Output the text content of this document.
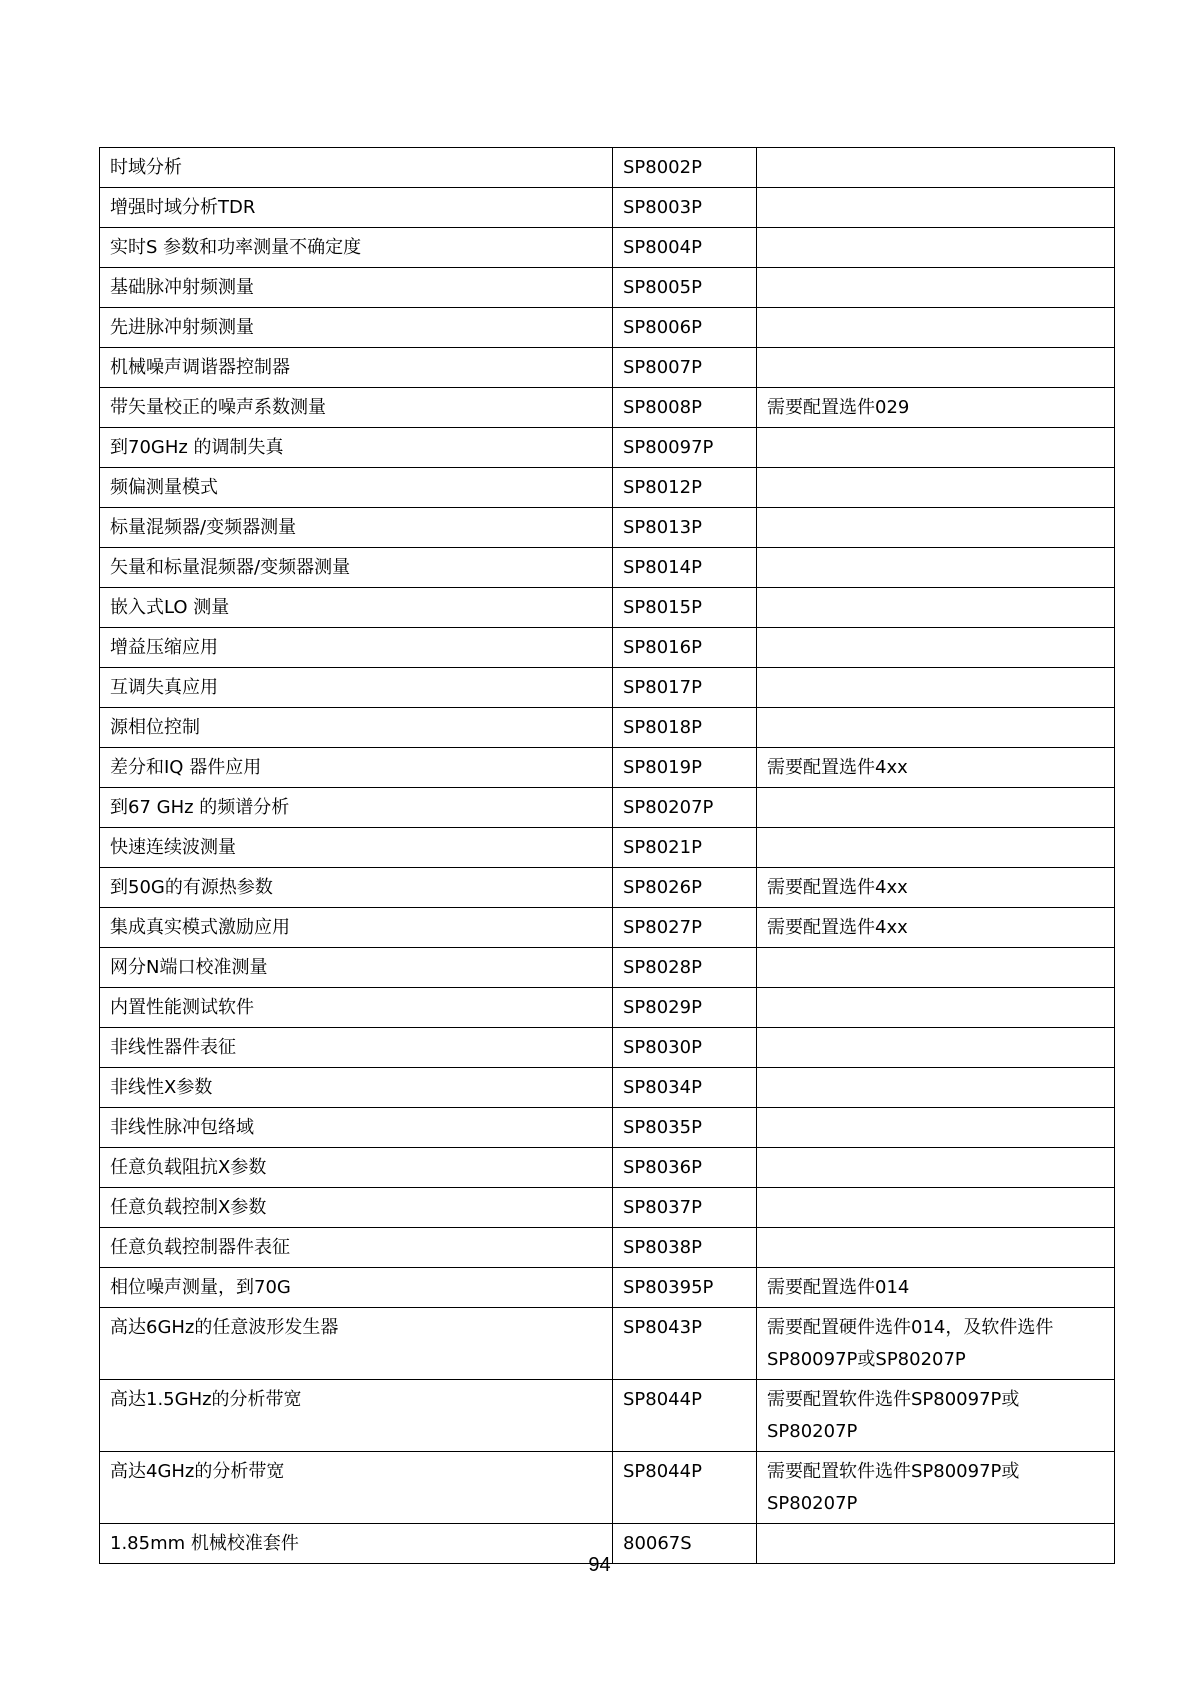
时域分析	SP8002P	
增强时域分析TDR	SP8003P	
实时S 参数和功率测量不确定度	SP8004P	
基础脉冲射频测量	SP8005P	
先进脉冲射频测量	SP8006P	
机械噪声调谐器控制器	SP8007P	
带矢量校正的噪声系数测量	SP8008P	需要配置选件029
到70GHz 的调制失真	SP80097P	
频偏测量模式	SP8012P	
标量混频器/变频器测量	SP8013P	
矢量和标量混频器/变频器测量	SP8014P	
嵌入式LO 测量	SP8015P	
增益压缩应用	SP8016P	
互调失真应用	SP8017P	
源相位控制	SP8018P	
差分和IQ 器件应用	SP8019P	需要配置选件4xx
到67 GHz 的频谱分析	SP80207P	
快速连续波测量	SP8021P	
到50G的有源热参数	SP8026P	需要配置选件4xx
集成真实模式激励应用	SP8027P	需要配置选件4xx
网分N端口校准测量	SP8028P	
内置性能测试软件	SP8029P	
非线性器件表征	SP8030P	
非线性X参数	SP8034P	
非线性脉冲包络域	SP8035P	
任意负载阻抗X参数	SP8036P	
任意负载控制X参数	SP8037P	
任意负载控制器件表征	SP8038P	
相位噪声测量，到70G	SP80395P	需要配置选件014
高达6GHz的任意波形发生器	SP8043P	需要配置硬件选件014，及软件选件SP80097P或SP80207P
高达1.5GHz的分析带宽	SP8044P	需要配置软件选件SP80097P或SP80207P
高达4GHz的分析带宽	SP8044P	需要配置软件选件SP80097P或SP80207P
1.85mm 机械校准套件	80067S	
94
